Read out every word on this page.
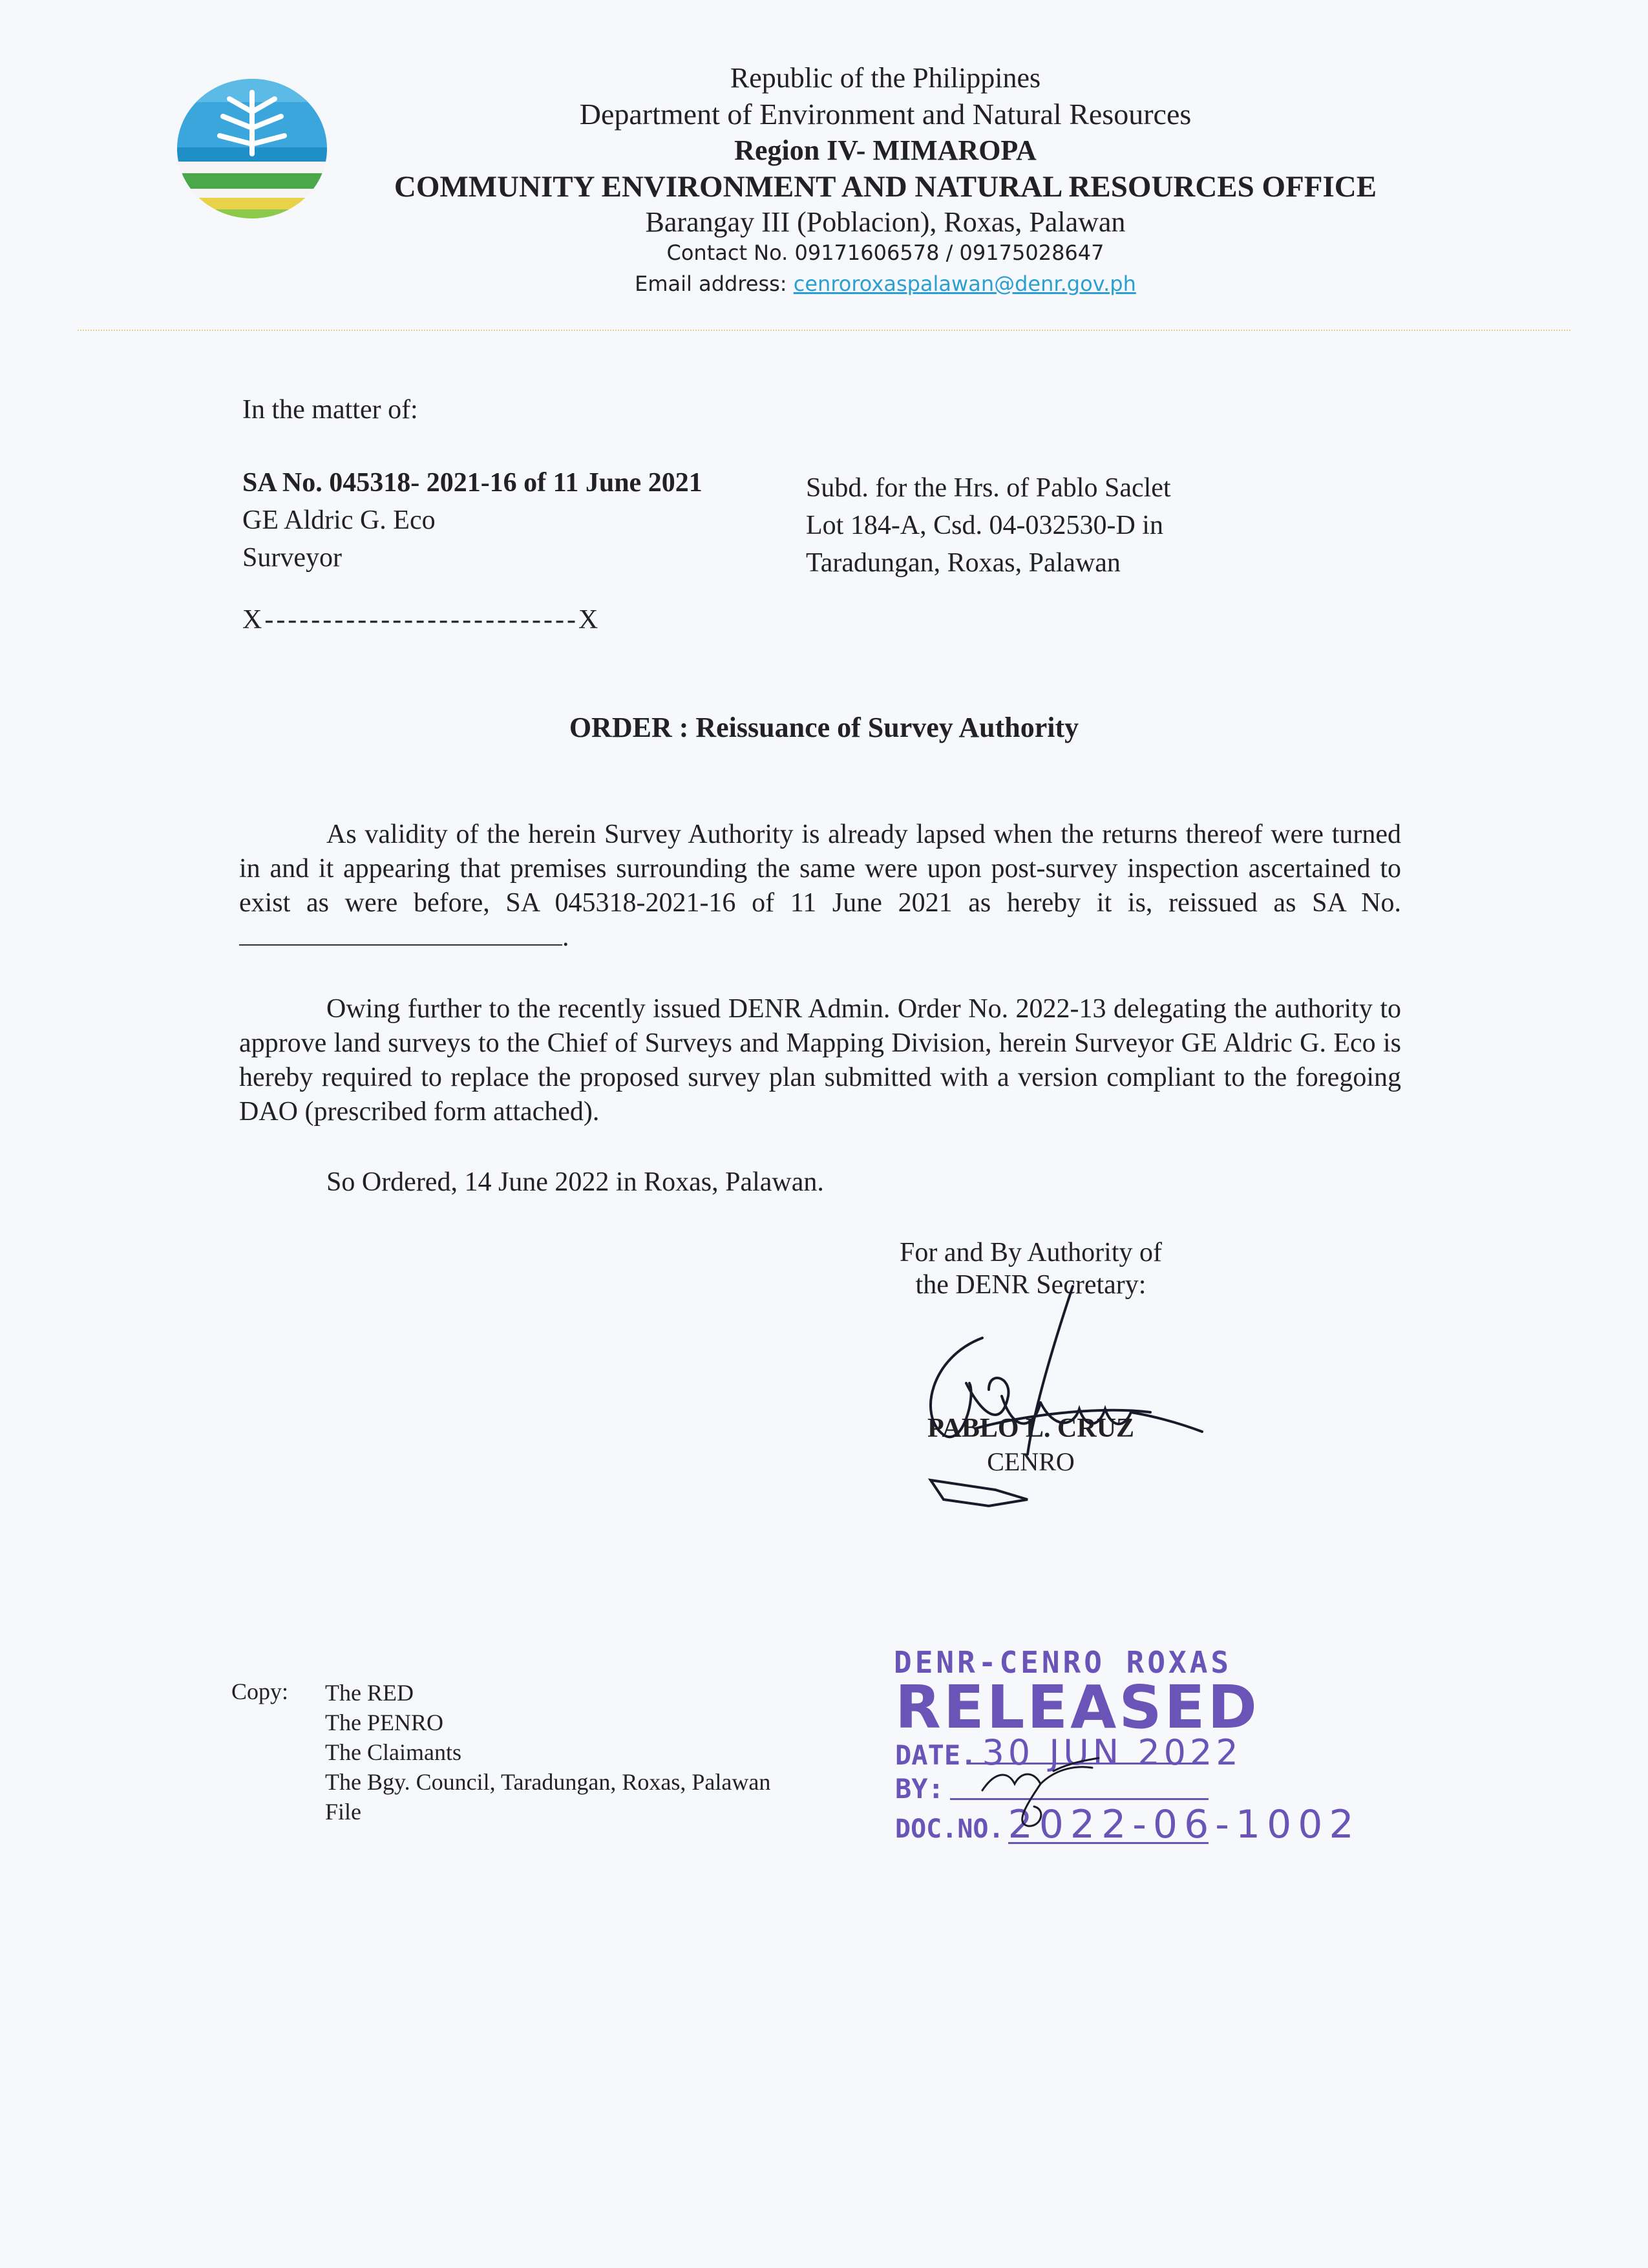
Republic of the Philippines
Department of Environment and Natural Resources
Region IV- MIMAROPA
COMMUNITY ENVIRONMENT AND NATURAL RESOURCES OFFICE
Barangay III (Poblacion), Roxas, Palawan
Contact No. 09171606578 / 09175028647
Email address: cenroroxaspalawan@denr.gov.ph
In the matter of:
SA No. 045318- 2021-16 of 11 June 2021
GE Aldric G. Eco
Surveyor
Subd. for the Hrs. of Pablo Saclet
Lot 184-A, Csd. 04-032530-D in
Taradungan, Roxas, Palawan
X---------------------------X
ORDER : Reissuance of Survey Authority
As validity of the herein Survey Authority is already lapsed when the returns thereof were turned in and it appearing that premises surrounding the same were upon post-survey inspection ascertained to exist as were before, SA 045318-2021-16 of 11 June 2021 as hereby it is, reissued as SA No. .
Owing further to the recently issued DENR Admin. Order No. 2022-13 delegating the authority to approve land surveys to the Chief of Surveys and Mapping Division, herein Surveyor GE Aldric G. Eco is hereby required to replace the proposed survey plan submitted with a version compliant to the foregoing DAO (prescribed form attached).
So Ordered, 14 June 2022 in Roxas, Palawan.
For and By Authority of
the DENR Secretary:
PABLO L. CRUZ
CENRO
Copy: The RED
The PENRO
The Claimants
The Bgy. Council, Taradungan, Roxas, Palawan
File
DENR-CENRO ROXAS
RELEASED
DATE. 30 JUN 2022
BY:
DOC.NO. 2022-06-1002
